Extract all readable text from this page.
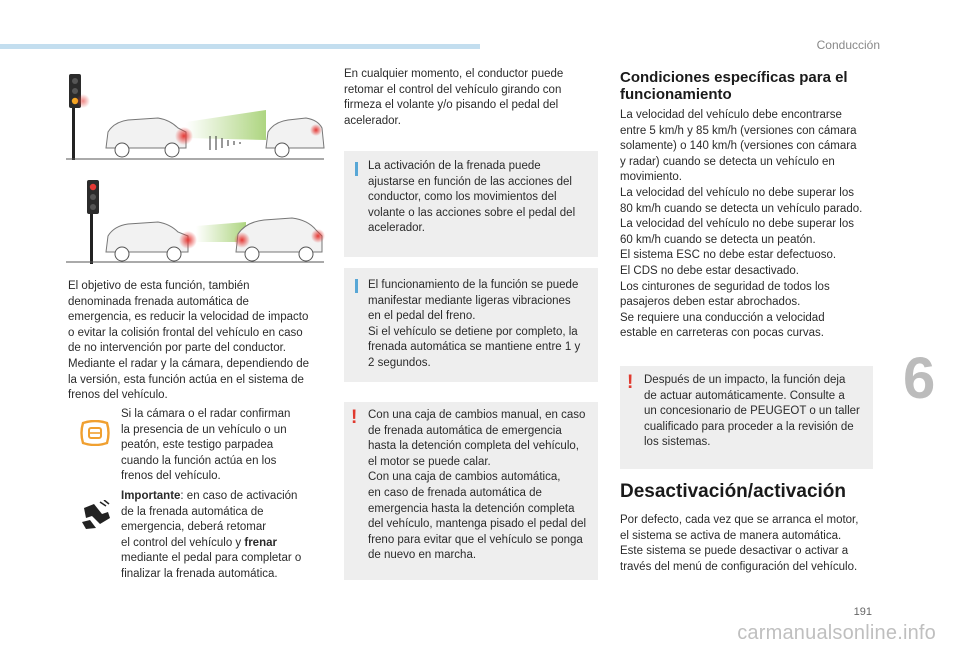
Conducción
El objetivo de esta función, también
denominada frenada automática de
emergencia, es reducir la velocidad de impacto
o evitar la colisión frontal del vehículo en caso
de no intervención por parte del conductor.
Mediante el radar y la cámara, dependiendo de
la versión, esta función actúa en el sistema de
frenos del vehículo.
Si la cámara o el radar confirman
la presencia de un vehículo o un
peatón, este testigo parpadea
cuando la función actúa en los
frenos del vehículo.
Importante: en caso de activación
de la frenada automática de
emergencia, deberá retomar
el control del vehículo y frenar
mediante el pedal para completar o
finalizar la frenada automática.
En cualquier momento, el conductor puede
retomar el control del vehículo girando con
firmeza el volante y/o pisando el pedal del
acelerador.
La activación de la frenada puede
ajustarse en función de las acciones del
conductor, como los movimientos del
volante o las acciones sobre el pedal del
acelerador.
El funcionamiento de la función se puede
manifestar mediante ligeras vibraciones
en el pedal del freno.
Si el vehículo se detiene por completo, la
frenada automática se mantiene entre 1 y
2 segundos.
! Con una caja de cambios manual, en caso
de frenada automática de emergencia
hasta la detención completa del vehículo,
el motor se puede calar.
Con una caja de cambios automática,
en caso de frenada automática de
emergencia hasta la detención completa
del vehículo, mantenga pisado el pedal del
freno para evitar que el vehículo se ponga
de nuevo en marcha.
Condiciones específicas para el
funcionamiento
La velocidad del vehículo debe encontrarse
entre 5 km/h y 85 km/h (versiones con cámara
solamente) o 140 km/h (versiones con cámara
y radar) cuando se detecta un vehículo en
movimiento.
La velocidad del vehículo no debe superar los
80 km/h cuando se detecta un vehículo parado.
La velocidad del vehículo no debe superar los
60 km/h cuando se detecta un peatón.
El sistema ESC no debe estar defectuoso.
El CDS no debe estar desactivado.
Los cinturones de seguridad de todos los
pasajeros deben estar abrochados.
Se requiere una conducción a velocidad
estable en carreteras con pocas curvas.
! Después de un impacto, la función deja
de actuar automáticamente. Consulte a
un concesionario de PEUGEOT o un taller
cualificado para proceder a la revisión de
los sistemas.
Desactivación/activación
Por defecto, cada vez que se arranca el motor,
el sistema se activa de manera automática.
Este sistema se puede desactivar o activar a
través del menú de configuración del vehículo.
6
191
carmanualsonline.info
